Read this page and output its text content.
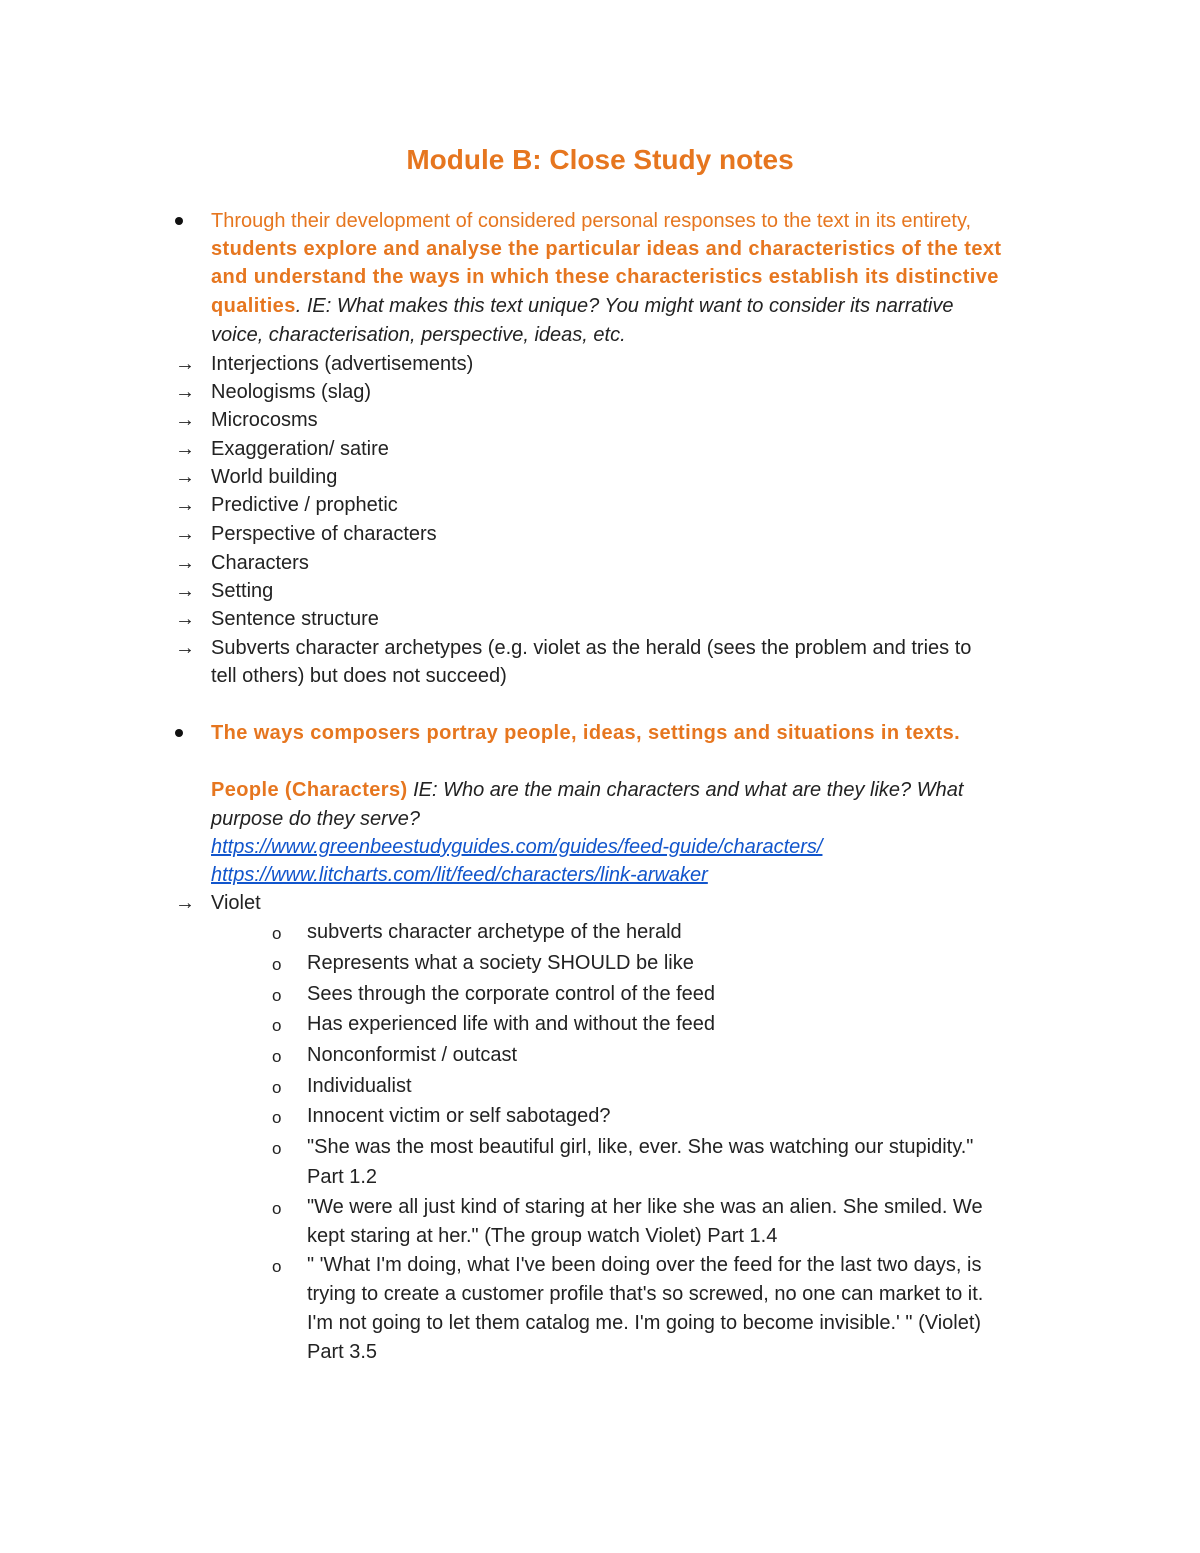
Module B: Close Study notes
Through their development of considered personal responses to the text in its entirety,
students explore and analyse the particular ideas and characteristics of the text
and understand the ways in which these characteristics establish its distinctive
qualities. IE: What makes this text unique? You might want to consider its narrative
voice, characterisation, perspective, ideas, etc.
→ Interjections (advertisements)
→ Neologisms (slag)
→ Microcosms
→ Exaggeration/ satire
→ World building
→ Predictive / prophetic
→ Perspective of characters
→ Characters
→ Setting
→ Sentence structure
→ Subverts character archetypes (e.g. violet as the herald (sees the problem and tries to
tell others) but does not succeed)
The ways composers portray people, ideas, settings and situations in texts.
People (Characters) IE: Who are the main characters and what are they like? What
purpose do they serve?
https://www.greenbeestudyguides.com/guides/feed-guide/characters/
https://www.litcharts.com/lit/feed/characters/link-arwaker
→ Violet
o subverts character archetype of the herald
o Represents what a society SHOULD be like
o Sees through the corporate control of the feed
o Has experienced life with and without the feed
o Nonconformist / outcast
o Individualist
o Innocent victim or self sabotaged?
o "She was the most beautiful girl, like, ever. She was watching our stupidity."
Part 1.2
o "We were all just kind of staring at her like she was an alien. She smiled. We
kept staring at her." (The group watch Violet) Part 1.4
o " 'What I'm doing, what I've been doing over the feed for the last two days, is
trying to create a customer profile that's so screwed, no one can market to it.
I'm not going to let them catalog me. I'm going to become invisible.' " (Violet)
Part 3.5
